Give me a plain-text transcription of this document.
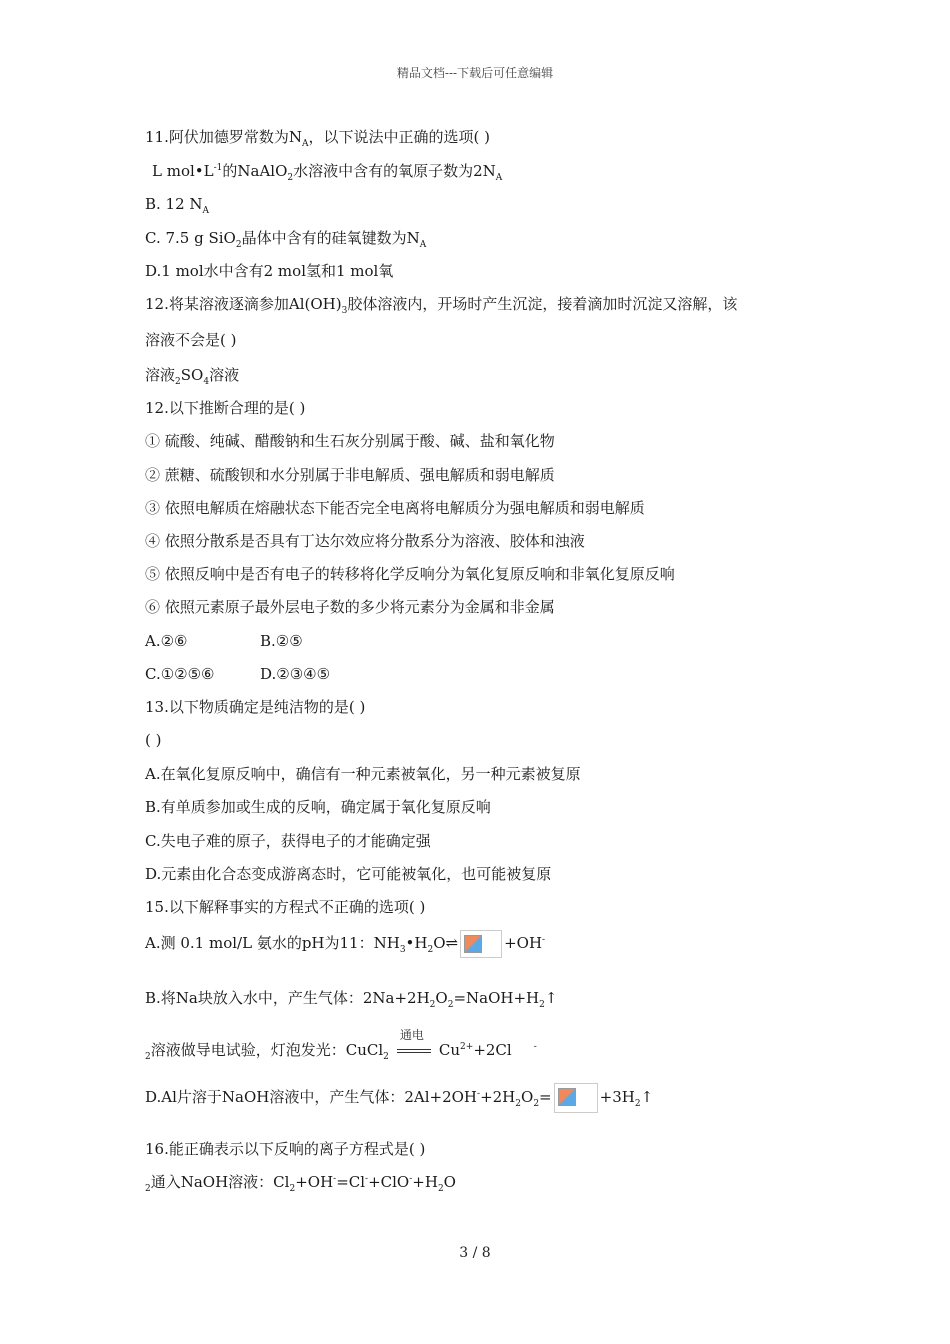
精品文档---下载后可任意编辑
11.阿伏加德罗常数为$N_A$，以下说法中正确的选项( )
L $mol•L^{-1}$的NaAlO$_2$水溶液中含有的氧原子数为$2N_A$
B. 12 $N_A$
C. 7.5 g SiO$_2$晶体中含有的硅氧键数为$N_A$
D.1 mol水中含有2 mol氢和1 mol氧
12.将某溶液逐滴参加$Al(OH)_3$胶体溶液内，开场时产生沉淀，接着滴加时沉淀又溶解，该
溶液不会是( )
溶液$_2SO_4$溶液
12.以下推断合理的是( )
① 硫酸、纯碱、醋酸钠和生石灰分别属于酸、碱、盐和氧化物
② 蔗糖、硫酸钡和水分别属于非电解质、强电解质和弱电解质
③ 依照电解质在熔融状态下能否完全电离将电解质分为强电解质和弱电解质
④ 依照分散系是否具有丁达尔效应将分散系分为溶液、胶体和浊液
⑤ 依照反响中是否有电子的转移将化学反响分为氧化复原反响和非氧化复原反响
⑥ 依照元素原子最外层电子数的多少将元素分为金属和非金属
A.②⑥	B.②⑤
C.①②⑤⑥	D.②③④⑤
13.以下物质确定是纯洁物的是( )
( )
A.在氧化复原反响中，确信有一种元素被氧化，另一种元素被复原
B.有单质参加或生成的反响，确定属于氧化复原反响
C.失电子难的原子，获得电子的才能确定强
D.元素由化合态变成游离态时，它可能被氧化，也可能被复原
15.以下解释事实的方程式不正确的选项( )
A.测 0.1 mol/L 氨水的pH为11：$NH_3•H_2O\rightleftharpoons$	+OH-
B.将Na块放入水中，产生气体：$2Na+2H_2O_2=NaOH+H_2↑$
$_2$溶液做导电试验，灯泡发光：CuCl$_2$
通电
$Cu^{2+}+2Cl$ -
D.Al片溶于NaOH溶液中，产生气体：$2Al+2OH^-+2H_2O_2=$	$+3H_2↑$
16.能正确表示以下反响的离子方程式是( )
$_2$通入NaOH溶液：$Cl_2+OH^-=Cl^-+ClO^-+H_2O$
3 / 8
